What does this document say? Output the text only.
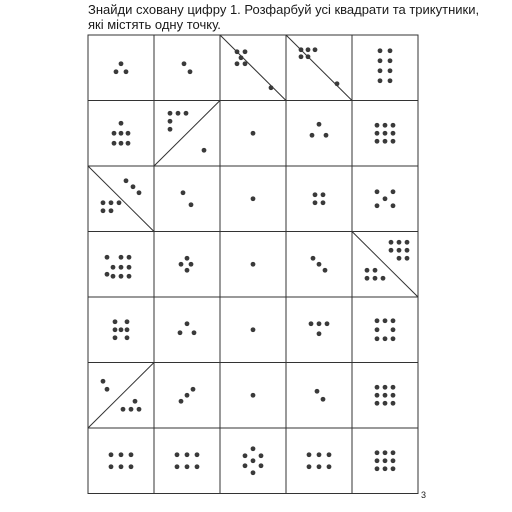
Знайди сховану цифру 1. Розфарбуй усі квадрати та трикутники, які містять одну точку.

3
